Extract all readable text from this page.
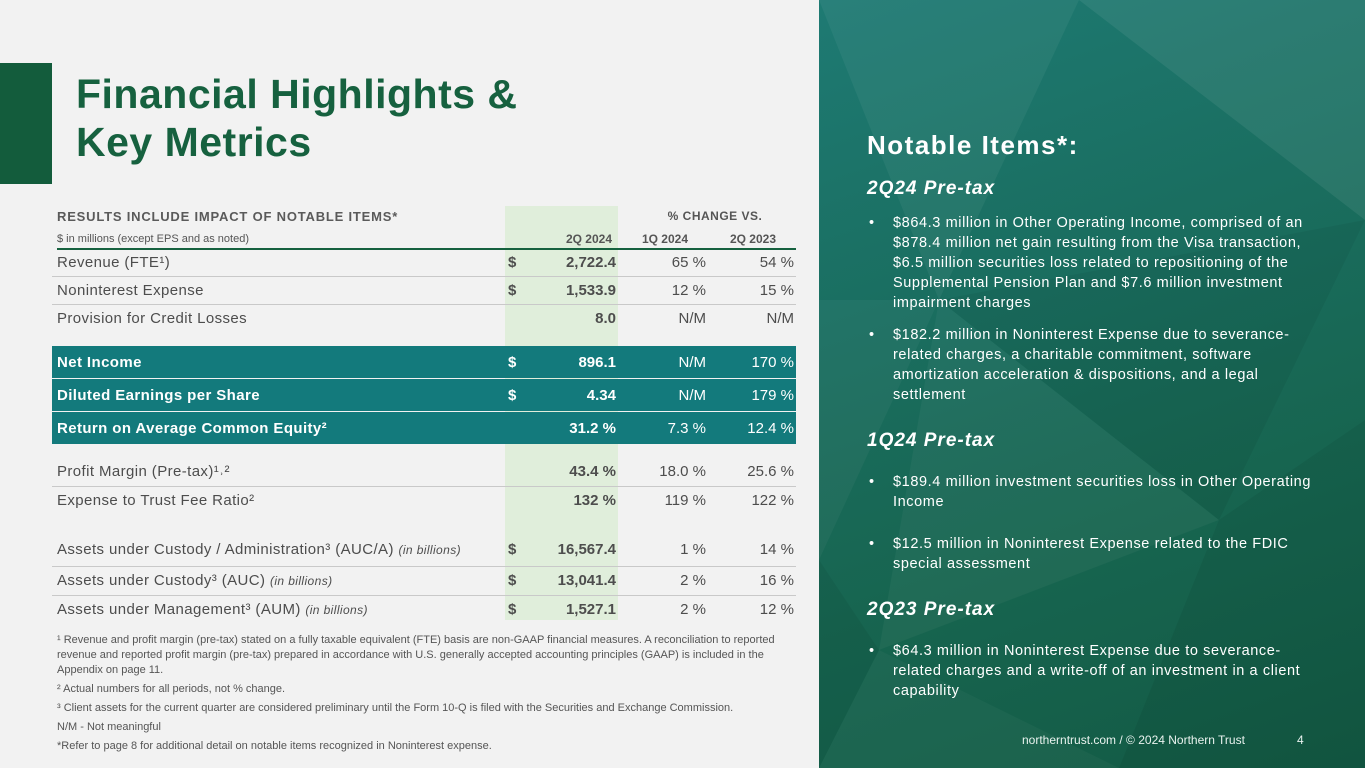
Financial Highlights &
Key Metrics
RESULTS INCLUDE IMPACT OF NOTABLE ITEMS*
$ in millions (except EPS and as noted)
% CHANGE VS.
2Q 2024	1Q 2024	2Q 2023
Revenue (FTE¹)	$	2,722.4	65 %	54 %
Noninterest Expense	$	1,533.9	12 %	15 %
Provision for Credit Losses	8.0	N/M	N/M
Net Income	$	896.1	N/M	170 %
Diluted Earnings per Share	$	4.34	N/M	179 %
Return on Average Common Equity²	31.2 %	7.3 %	12.4 %
Profit Margin (Pre-tax)¹˒²	43.4 %	18.0 %	25.6 %
Expense to Trust Fee Ratio²	132 %	119 %	122 %
Assets under Custody / Administration³ (AUC/A) (in billions)	$	16,567.4	1 %	14 %
Assets under Custody³ (AUC) (in billions)	$	13,041.4	2 %	16 %
Assets under Management³ (AUM) (in billions)	$	1,527.1	2 %	12 %

¹ Revenue and profit margin (pre-tax) stated on a fully taxable equivalent (FTE) basis are non-GAAP financial measures. A reconciliation to reported revenue and reported profit margin (pre-tax) prepared in accordance with U.S. generally accepted accounting principles (GAAP) is included in the Appendix on page 11.

² Actual numbers for all periods, not % change.

³ Client assets for the current quarter are considered preliminary until the Form 10-Q is filed with the Securities and Exchange Commission.

N/M - Not meaningful

*Refer to page 8 for additional detail on notable items recognized in Noninterest expense.

Notable Items*:
2Q24 Pre-tax
• $864.3 million in Other Operating Income, comprised of an $878.4 million net gain resulting from the Visa transaction, $6.5 million securities loss related to repositioning of the Supplemental Pension Plan and $7.6 million investment impairment charges
• $182.2 million in Noninterest Expense due to severance-related charges, a charitable commitment, software amortization acceleration & dispositions, and a legal settlement
1Q24 Pre-tax
• $189.4 million investment securities loss in Other Operating Income
• $12.5 million in Noninterest Expense related to the FDIC special assessment
2Q23 Pre-tax
• $64.3 million in Noninterest Expense due to severance-related charges and a write-off of an investment in a client capability
northerntrust.com / © 2024 Northern Trust	4
